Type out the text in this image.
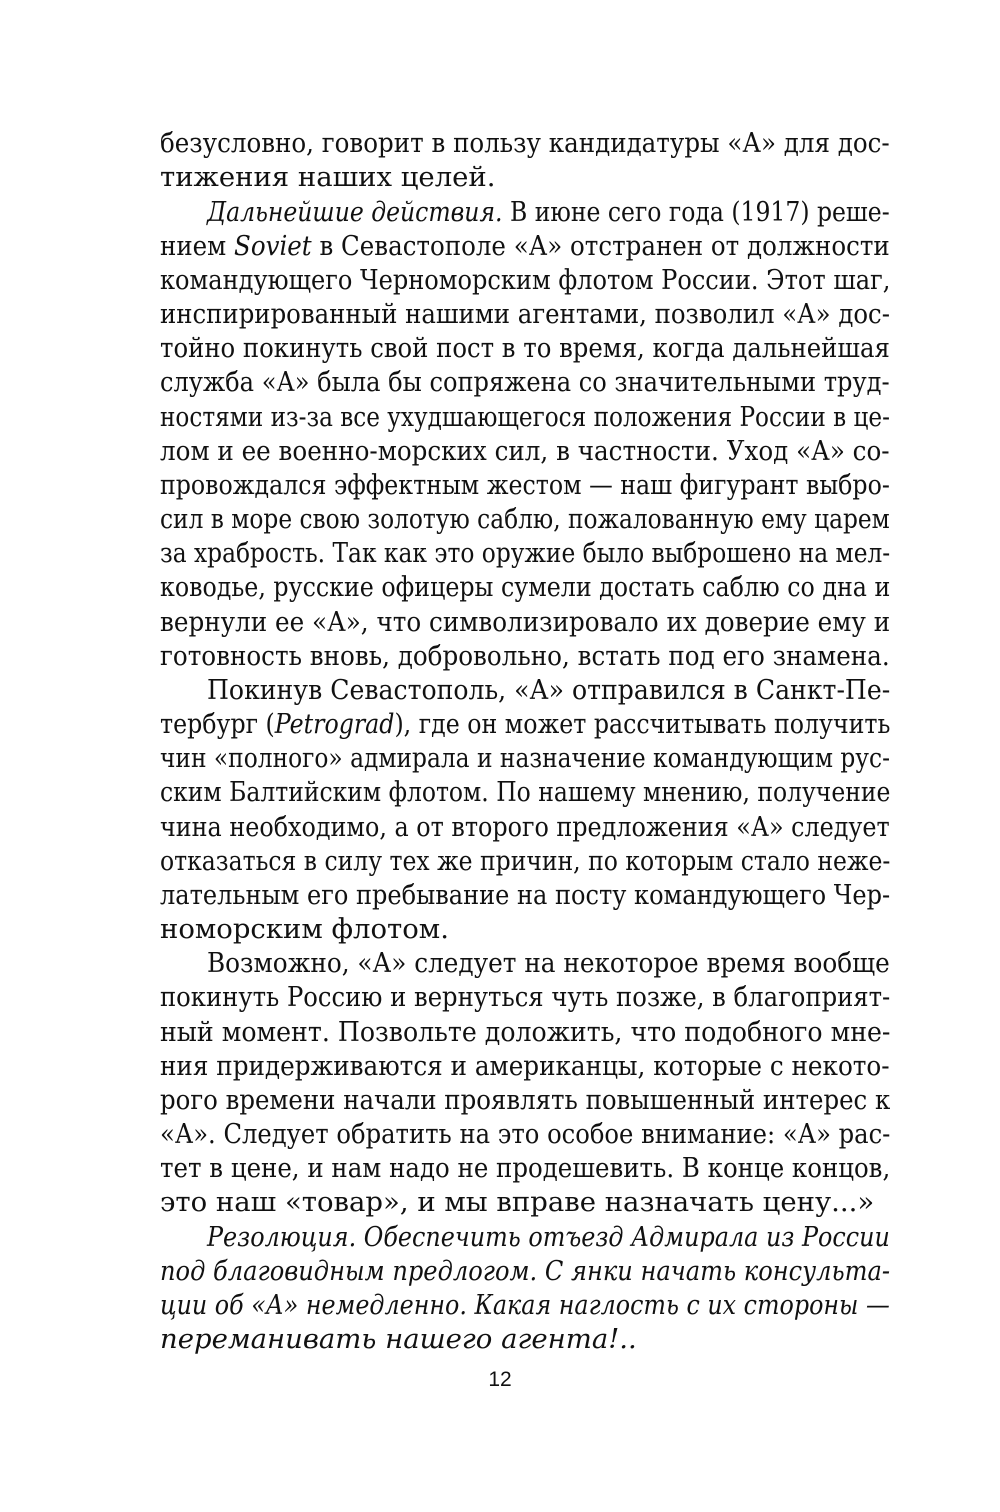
безусловно, говорит в пользу кандидатуры «А» для дос-
тижения наших целей.
Дальнейшие действия. В июне сего года (1917) реше-
нием Soviet в Севастополе «А» отстранен от должности
командующего Черноморским флотом России. Этот шаг,
инспирированный нашими агентами, позволил «А» дос-
тойно покинуть свой пост в то время, когда дальнейшая
служба «А» была бы сопряжена со значительными труд-
ностями из-за все ухудшающегося положения России в це-
лом и ее военно-морских сил, в частности. Уход «А» со-
провождался эффектным жестом — наш фигурант выбро-
сил в море свою золотую саблю, пожалованную ему царем
за храбрость. Так как это оружие было выброшено на мел-
ководье, русские офицеры сумели достать саблю со дна и
вернули ее «А», что символизировало их доверие ему и
готовность вновь, добровольно, встать под его знамена.
Покинув Севастополь, «А» отправился в Санкт-Пе-
тербург (Petrograd), где он может рассчитывать получить
чин «полного» адмирала и назначение командующим рус-
ским Балтийским флотом. По нашему мнению, получение
чина необходимо, а от второго предложения «А» следует
отказаться в силу тех же причин, по которым стало неже-
лательным его пребывание на посту командующего Чер-
номорским флотом.
Возможно, «А» следует на некоторое время вообще
покинуть Россию и вернуться чуть позже, в благоприят-
ный момент. Позвольте доложить, что подобного мне-
ния придерживаются и американцы, которые с некото-
рого времени начали проявлять повышенный интерес к
«А». Следует обратить на это особое внимание: «А» рас-
тет в цене, и нам надо не продешевить. В конце концов,
это наш «товар», и мы вправе назначать цену...»
Резолюция. Обеспечить отъезд Адмирала из России
под благовидным предлогом. С янки начать консульта-
ции об «А» немедленно. Какая наглость с их стороны —
переманивать нашего агента!..
12
